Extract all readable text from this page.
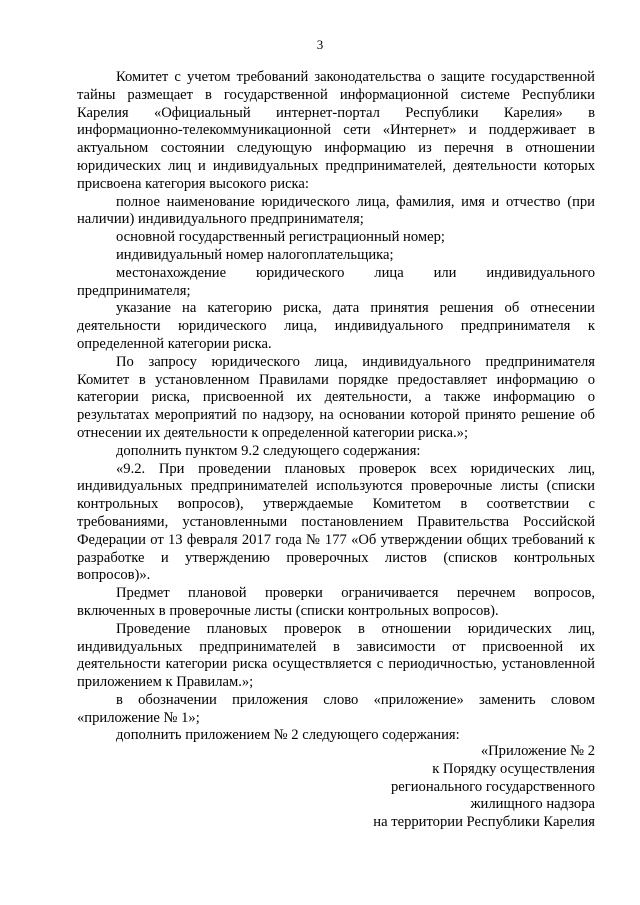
3

Комитет с учетом требований законодательства о защите государственной тайны размещает в государственной информационной системе Республики Карелия «Официальный интернет-портал Республики Карелия» в информационно-телекоммуникационной сети «Интернет» и поддерживает в актуальном состоянии следующую информацию из перечня в отношении юридических лиц и индивидуальных предпринимателей, деятельности которых присвоена категория высокого риска:

полное наименование юридического лица, фамилия, имя и отчество (при наличии) индивидуального предпринимателя;

основной государственный регистрационный номер;

индивидуальный номер налогоплательщика;

местонахождение юридического лица или индивидуального предпринимателя;

указание на категорию риска, дата принятия решения об отнесении деятельности юридического лица, индивидуального предпринимателя к определенной категории риска.

По запросу юридического лица, индивидуального предпринимателя Комитет в установленном Правилами порядке предоставляет информацию о категории риска, присвоенной их деятельности, а также информацию о результатах мероприятий по надзору, на основании которой принято решение об отнесении их деятельности к определенной категории риска.»;

дополнить пунктом 9.2 следующего содержания:

«9.2. При проведении плановых проверок всех юридических лиц, индивидуальных предпринимателей используются проверочные листы (списки контрольных вопросов), утверждаемые Комитетом в соответствии с требованиями, установленными постановлением Правительства Российской Федерации от 13 февраля 2017 года № 177 «Об утверждении общих требований к разработке и утверждению проверочных листов (списков контрольных вопросов)».

Предмет плановой проверки ограничивается перечнем вопросов, включенных в проверочные листы (списки контрольных вопросов).

Проведение плановых проверок в отношении юридических лиц, индивидуальных предпринимателей в зависимости от присвоенной их деятельности категории риска осуществляется с периодичностью, установленной приложением к Правилам.»;

в обозначении приложения слово «приложение» заменить словом «приложение № 1»;

дополнить приложением № 2 следующего содержания:

«Приложение № 2

к Порядку осуществления

регионального государственного

жилищного надзора

на территории Республики Карелия
